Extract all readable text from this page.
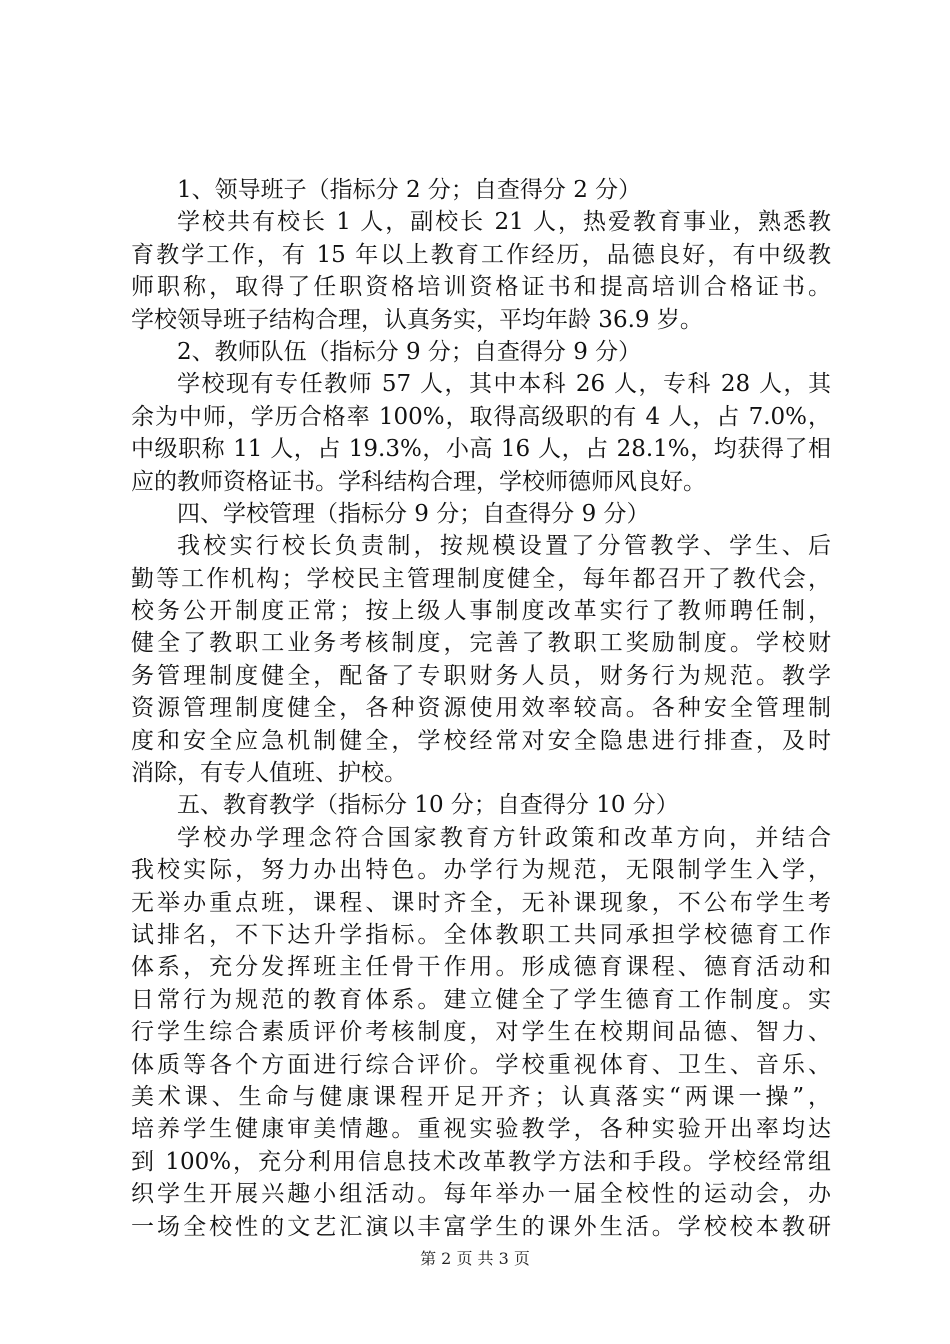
1、领导班子（指标分 2 分；自查得分 2 分）
学校共有校长 1 人，副校长 21 人，热爱教育事业，熟悉教
育教学工作，有 15 年以上教育工作经历，品德良好，有中级教
师职称，取得了任职资格培训资格证书和提高培训合格证书。
学校领导班子结构合理，认真务实，平均年龄 36.9 岁。
2、教师队伍（指标分 9 分；自查得分 9 分）
学校现有专任教师 57 人，其中本科 26 人，专科 28 人，其
余为中师，学历合格率 100%，取得高级职的有 4 人，占 7.0%，
中级职称 11 人，占 19.3%，小高 16 人，占 28.1%，均获得了相
应的教师资格证书。学科结构合理，学校师德师风良好。
四、学校管理（指标分 9 分；自查得分 9 分）
我校实行校长负责制，按规模设置了分管教学、学生、后
勤等工作机构；学校民主管理制度健全，每年都召开了教代会，
校务公开制度正常；按上级人事制度改革实行了教师聘任制，
健全了教职工业务考核制度，完善了教职工奖励制度。学校财
务管理制度健全，配备了专职财务人员，财务行为规范。教学
资源管理制度健全，各种资源使用效率较高。各种安全管理制
度和安全应急机制健全，学校经常对安全隐患进行排查，及时
消除，有专人值班、护校。
五、教育教学（指标分 10 分；自查得分 10 分）
学校办学理念符合国家教育方针政策和改革方向，并结合
我校实际，努力办出特色。办学行为规范，无限制学生入学，
无举办重点班，课程、课时齐全，无补课现象，不公布学生考
试排名，不下达升学指标。全体教职工共同承担学校德育工作
体系，充分发挥班主任骨干作用。形成德育课程、德育活动和
日常行为规范的教育体系。建立健全了学生德育工作制度。实
行学生综合素质评价考核制度，对学生在校期间品德、智力、
体质等各个方面进行综合评价。学校重视体育、卫生、音乐、
美术课、生命与健康课程开足开齐；认真落实“两课一操”，
培养学生健康审美情趣。重视实验教学，各种实验开出率均达
到 100%，充分利用信息技术改革教学方法和手段。学校经常组
织学生开展兴趣小组活动。每年举办一届全校性的运动会，办
一场全校性的文艺汇演以丰富学生的课外生活。学校校本教研
第 2 页 共 3 页
